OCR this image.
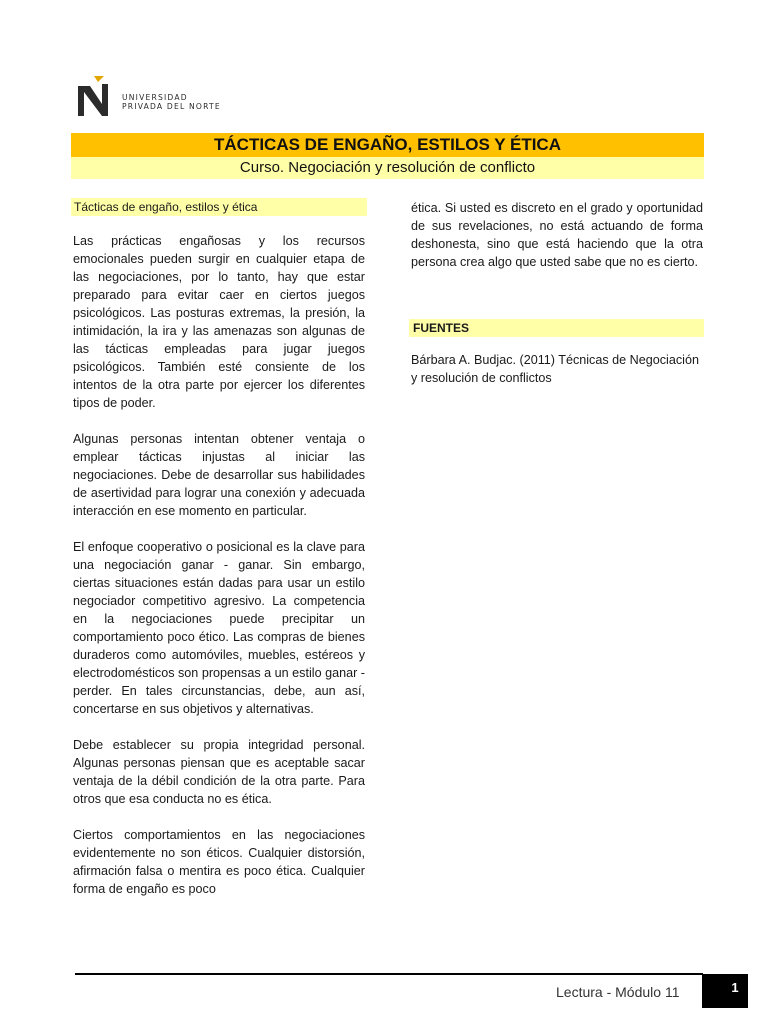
UNIVERSIDAD
PRIVADA DEL NORTE
TÁCTICAS DE ENGAÑO, ESTILOS Y ÉTICA
Curso. Negociación y resolución de conflicto
Tácticas de engaño, estilos y ética

Las prácticas engañosas y los recursos emocionales pueden surgir en cualquier etapa de las negociaciones, por lo tanto, hay que estar preparado para evitar caer en ciertos juegos psicológicos. Las posturas extremas, la presión, la intimidación, la ira y las amenazas son algunas de las tácticas empleadas para jugar juegos psicológicos. También esté consiente de los intentos de la otra parte por ejercer los diferentes tipos de poder.

Algunas personas intentan obtener ventaja o emplear tácticas injustas al iniciar las negociaciones. Debe de desarrollar sus habilidades de asertividad para lograr una conexión y adecuada interacción en ese momento en particular.

El enfoque cooperativo o posicional es la clave para una negociación ganar - ganar. Sin embargo, ciertas situaciones están dadas para usar un estilo negociador competitivo agresivo. La competencia en la negociaciones puede precipitar un comportamiento poco ético. Las compras de bienes duraderos como automóviles, muebles, estéreos y electrodomésticos son propensas a un estilo ganar - perder. En tales circunstancias, debe, aun así, concertarse en sus objetivos y alternativas.

Debe establecer su propia integridad personal. Algunas personas piensan que es aceptable sacar ventaja de la débil condición de la otra parte. Para otros que esa conducta no es ética.

Ciertos comportamientos en las negociaciones evidentemente no son éticos. Cualquier distorsión, afirmación falsa o mentira es poco ética. Cualquier forma de engaño es poco

ética. Si usted es discreto en el grado y oportunidad de sus revelaciones, no está actuando de forma deshonesta, sino que está haciendo que la otra persona crea algo que usted sabe que no es cierto.

FUENTES
Bárbara A. Budjac. (2011) Técnicas de Negociación y resolución de conflictos
Lectura - Módulo 11	1
